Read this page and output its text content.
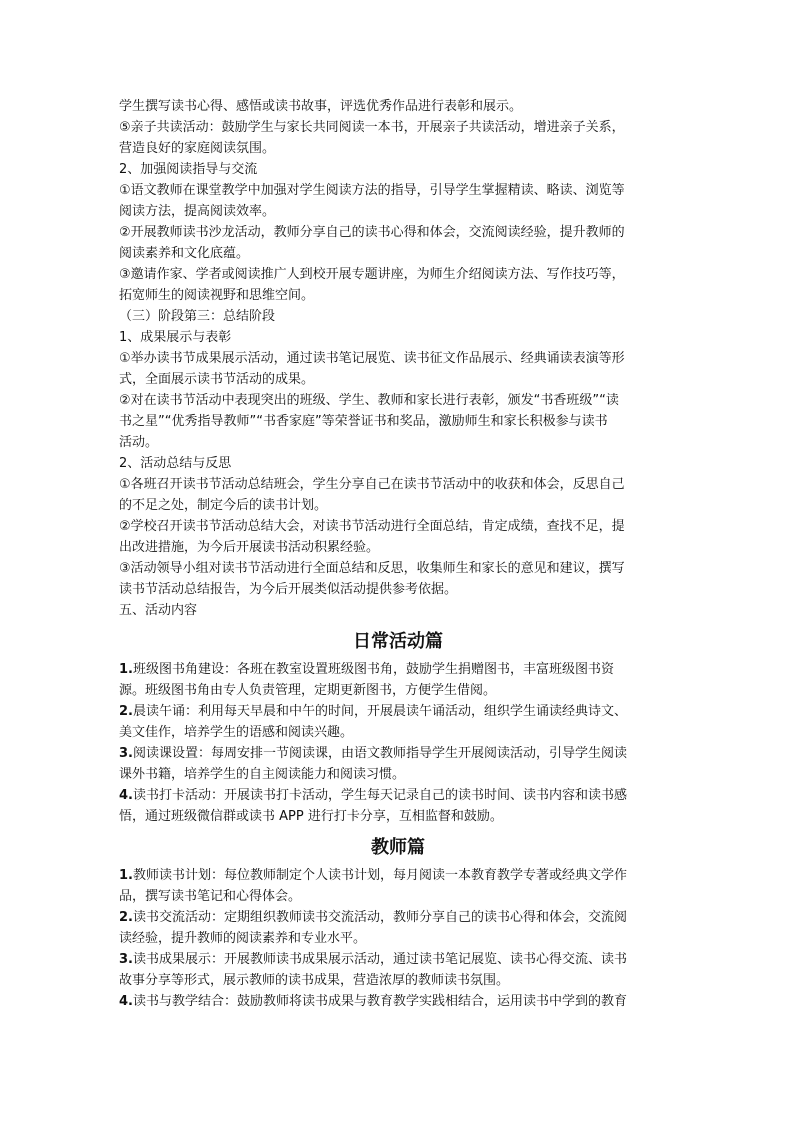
学生撰写读书心得、感悟或读书故事，评选优秀作品进行表彰和展示。
⑤亲子共读活动：鼓励学生与家长共同阅读一本书，开展亲子共读活动，增进亲子关系，
营造良好的家庭阅读氛围。
2、加强阅读指导与交流
①语文教师在课堂教学中加强对学生阅读方法的指导，引导学生掌握精读、略读、浏览等
阅读方法，提高阅读效率。
②开展教师读书沙龙活动，教师分享自己的读书心得和体会，交流阅读经验，提升教师的
阅读素养和文化底蕴。
③邀请作家、学者或阅读推广人到校开展专题讲座，为师生介绍阅读方法、写作技巧等，
拓宽师生的阅读视野和思维空间。
（三）阶段第三：总结阶段
1、成果展示与表彰
①举办读书节成果展示活动，通过读书笔记展览、读书征文作品展示、经典诵读表演等形
式，全面展示读书节活动的成果。
②对在读书节活动中表现突出的班级、学生、教师和家长进行表彰，颁发“书香班级”“读
书之星”“优秀指导教师”“书香家庭”等荣誉证书和奖品，激励师生和家长积极参与读书
活动。
2、活动总结与反思
①各班召开读书节活动总结班会，学生分享自己在读书节活动中的收获和体会，反思自己
的不足之处，制定今后的读书计划。
②学校召开读书节活动总结大会，对读书节活动进行全面总结，肯定成绩，查找不足，提
出改进措施，为今后开展读书活动积累经验。
③活动领导小组对读书节活动进行全面总结和反思，收集师生和家长的意见和建议，撰写
读书节活动总结报告，为今后开展类似活动提供参考依据。
五、活动内容
日常活动篇
1.班级图书角建设：各班在教室设置班级图书角，鼓励学生捐赠图书，丰富班级图书资
源。班级图书角由专人负责管理，定期更新图书，方便学生借阅。
2.晨读午诵：利用每天早晨和中午的时间，开展晨读午诵活动，组织学生诵读经典诗文、
美文佳作，培养学生的语感和阅读兴趣。
3.阅读课设置：每周安排一节阅读课，由语文教师指导学生开展阅读活动，引导学生阅读
课外书籍，培养学生的自主阅读能力和阅读习惯。
4.读书打卡活动：开展读书打卡活动，学生每天记录自己的读书时间、读书内容和读书感
悟，通过班级微信群或读书 APP 进行打卡分享，互相监督和鼓励。
教师篇
1.教师读书计划：每位教师制定个人读书计划，每月阅读一本教育教学专著或经典文学作
品，撰写读书笔记和心得体会。
2.读书交流活动：定期组织教师读书交流活动，教师分享自己的读书心得和体会，交流阅
读经验，提升教师的阅读素养和专业水平。
3.读书成果展示：开展教师读书成果展示活动，通过读书笔记展览、读书心得交流、读书
故事分享等形式，展示教师的读书成果，营造浓厚的教师读书氛围。
4.读书与教学结合：鼓励教师将读书成果与教育教学实践相结合，运用读书中学到的教育
